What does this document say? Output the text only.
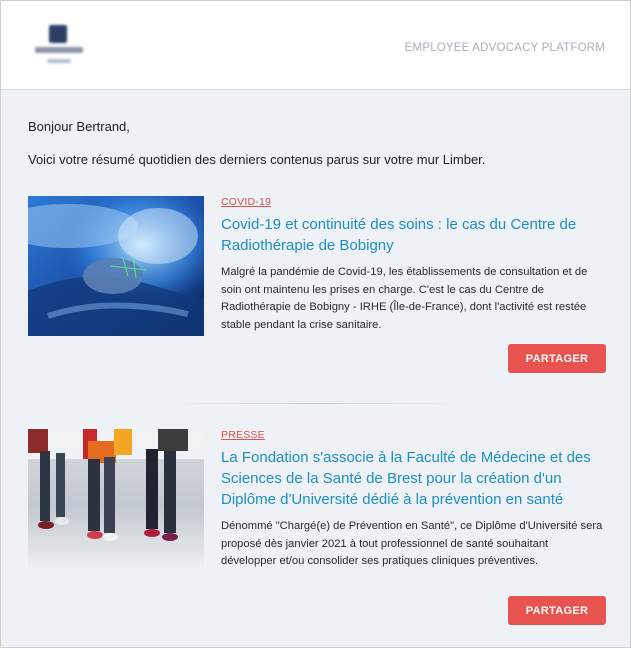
EMPLOYEE ADVOCACY PLATFORM
Bonjour Bertrand,
Voici votre résumé quotidien des derniers contenus parus sur votre mur Limber.
COVID-19
Covid-19 et continuité des soins : le cas du Centre de Radiothérapie de Bobigny

Malgré la pandémie de Covid-19, les établissements de consultation et de soin ont maintenu les prises en charge. C'est le cas du Centre de Radiothérapie de Bobigny - IRHE (Île-de-France), dont l'activité est restée stable pendant la crise sanitaire.

PARTAGER
PRESSE
La Fondation s'associe à la Faculté de Médecine et des Sciences de la Santé de Brest pour la création d'un Diplôme d'Université dédié à la prévention en santé

Dénommé "Chargé(e) de Prévention en Santé", ce Diplôme d'Université sera proposé dès janvier 2021 à tout professionnel de santé souhaitant développer et/ou consolider ses pratiques cliniques préventives.

PARTAGER
